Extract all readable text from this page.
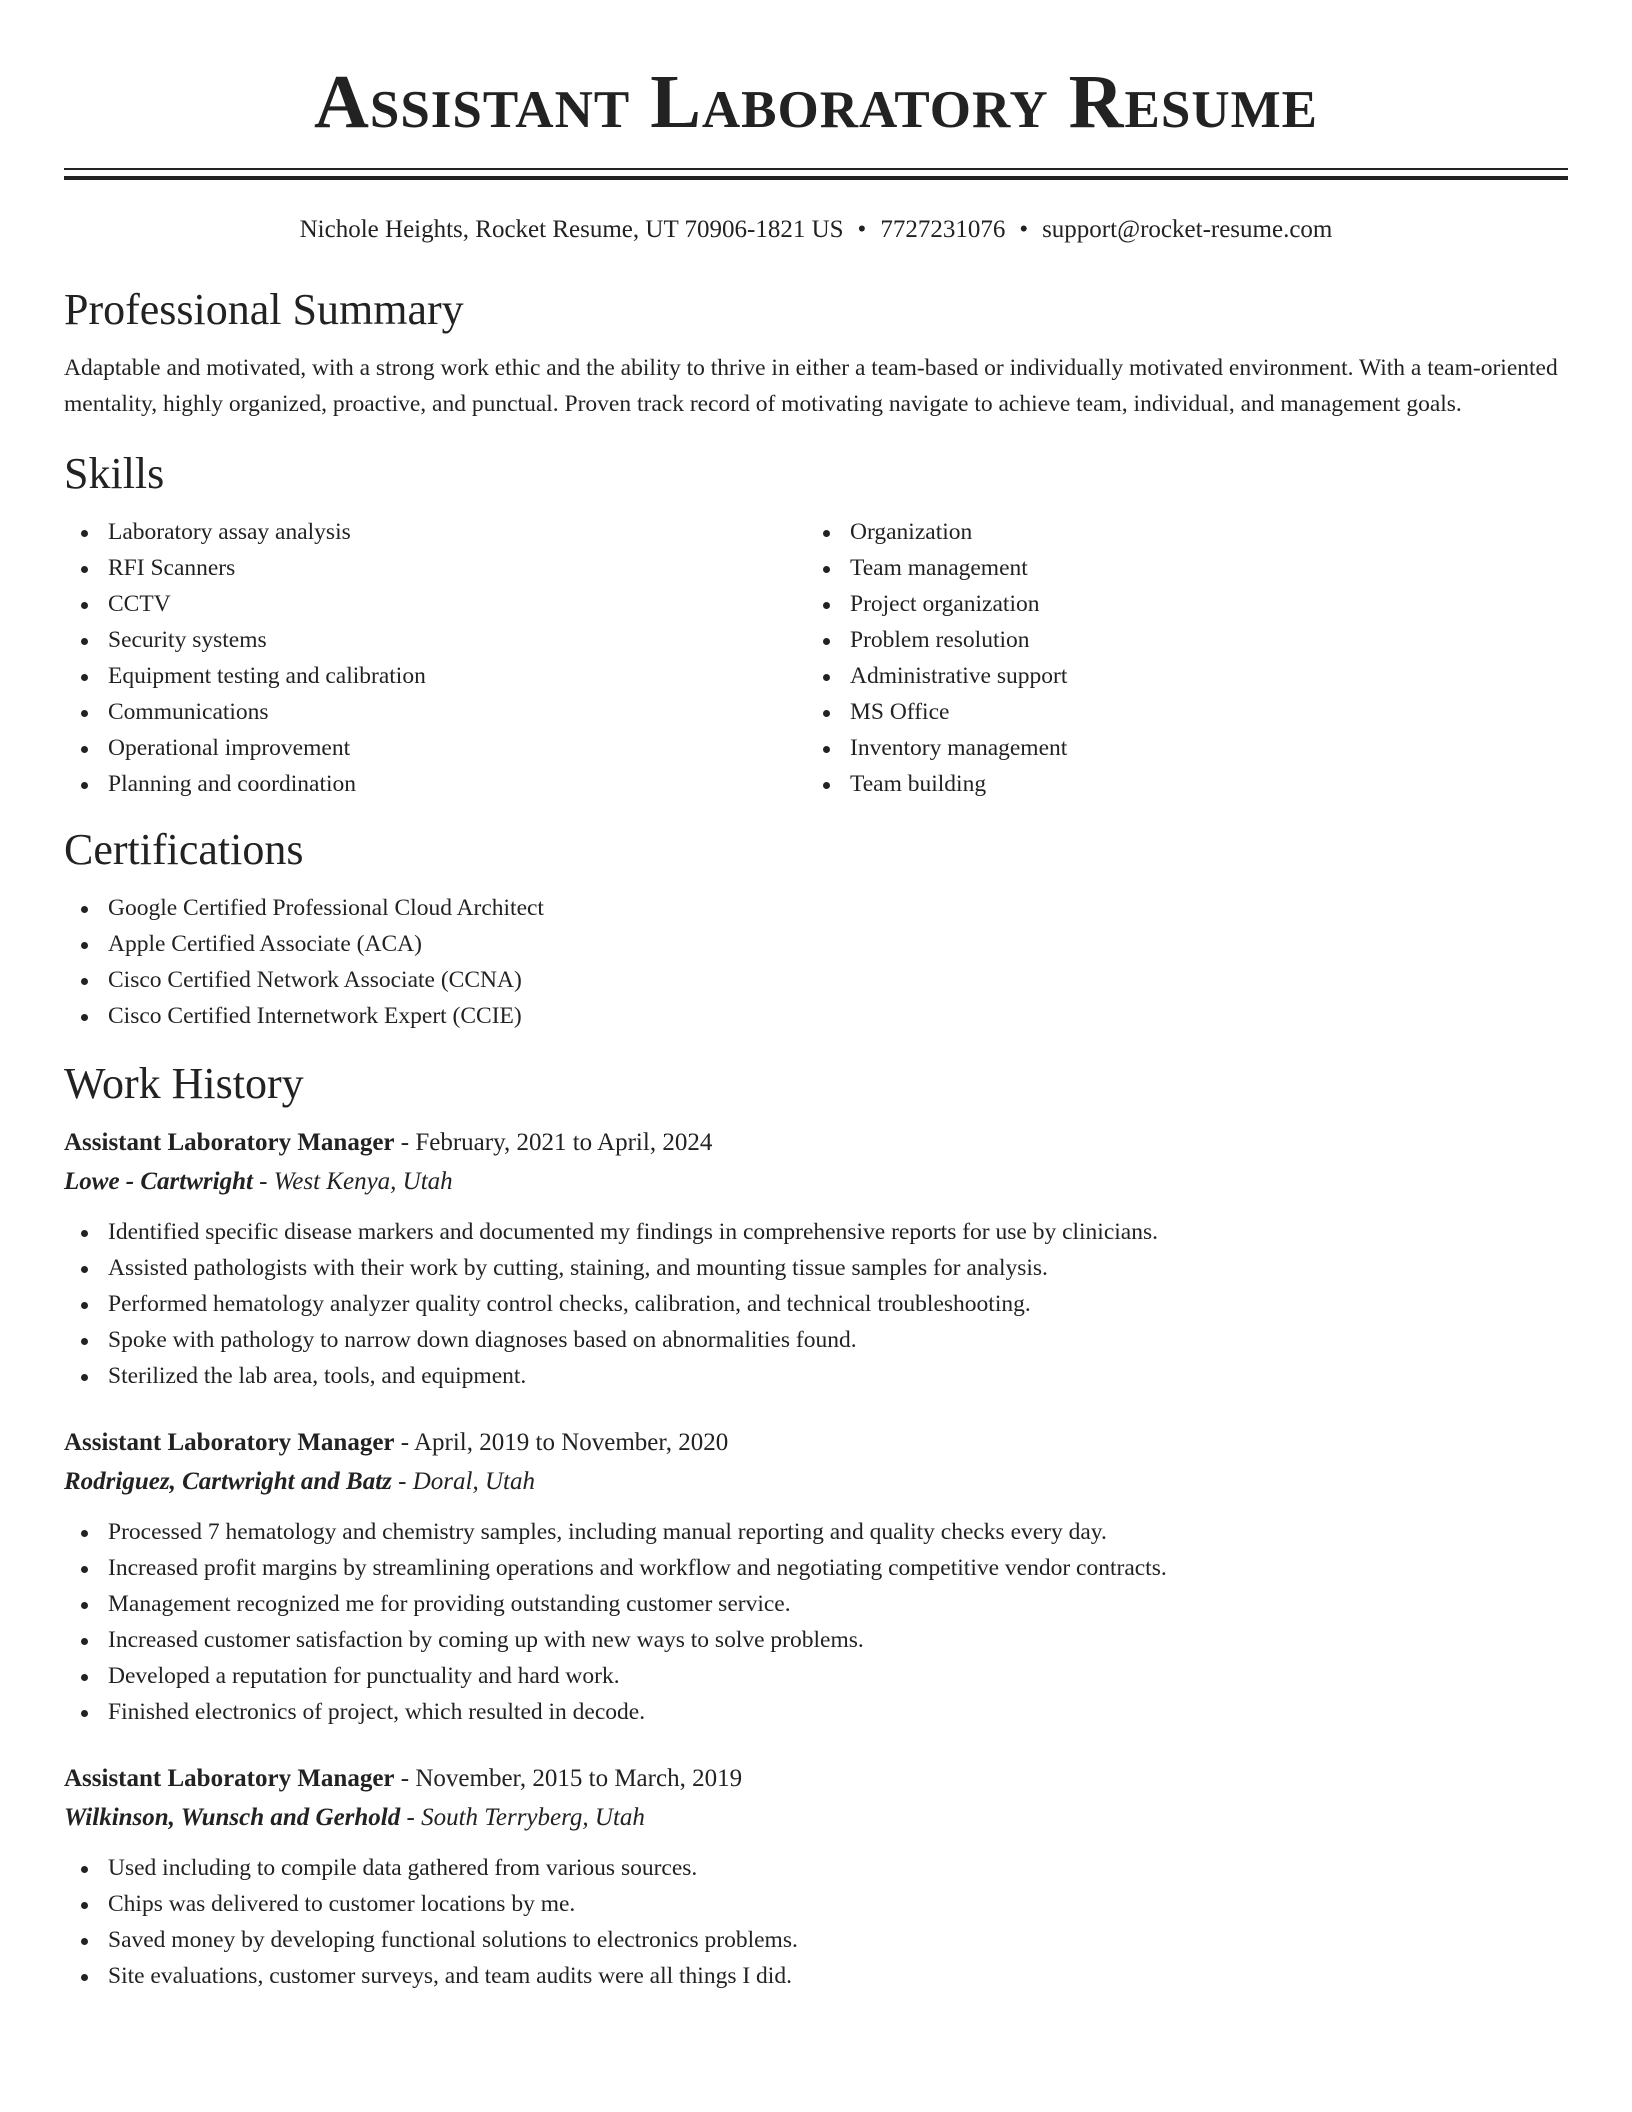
Assistant Laboratory Resume
Nichole Heights, Rocket Resume, UT 70906-1821 US • 7727231076 • support@rocket-resume.com
Professional Summary
Adaptable and motivated, with a strong work ethic and the ability to thrive in either a team-based or individually motivated environment. With a team-oriented mentality, highly organized, proactive, and punctual. Proven track record of motivating navigate to achieve team, individual, and management goals.
Skills
Laboratory assay analysis
RFI Scanners
CCTV
Security systems
Equipment testing and calibration
Communications
Operational improvement
Planning and coordination
Organization
Team management
Project organization
Problem resolution
Administrative support
MS Office
Inventory management
Team building
Certifications
Google Certified Professional Cloud Architect
Apple Certified Associate (ACA)
Cisco Certified Network Associate (CCNA)
Cisco Certified Internetwork Expert (CCIE)
Work History
Assistant Laboratory Manager - February, 2021 to April, 2024
Lowe - Cartwright - West Kenya, Utah
Identified specific disease markers and documented my findings in comprehensive reports for use by clinicians.
Assisted pathologists with their work by cutting, staining, and mounting tissue samples for analysis.
Performed hematology analyzer quality control checks, calibration, and technical troubleshooting.
Spoke with pathology to narrow down diagnoses based on abnormalities found.
Sterilized the lab area, tools, and equipment.
Assistant Laboratory Manager - April, 2019 to November, 2020
Rodriguez, Cartwright and Batz - Doral, Utah
Processed 7 hematology and chemistry samples, including manual reporting and quality checks every day.
Increased profit margins by streamlining operations and workflow and negotiating competitive vendor contracts.
Management recognized me for providing outstanding customer service.
Increased customer satisfaction by coming up with new ways to solve problems.
Developed a reputation for punctuality and hard work.
Finished electronics of project, which resulted in decode.
Assistant Laboratory Manager - November, 2015 to March, 2019
Wilkinson, Wunsch and Gerhold - South Terryberg, Utah
Used including to compile data gathered from various sources.
Chips was delivered to customer locations by me.
Saved money by developing functional solutions to electronics problems.
Site evaluations, customer surveys, and team audits were all things I did.
